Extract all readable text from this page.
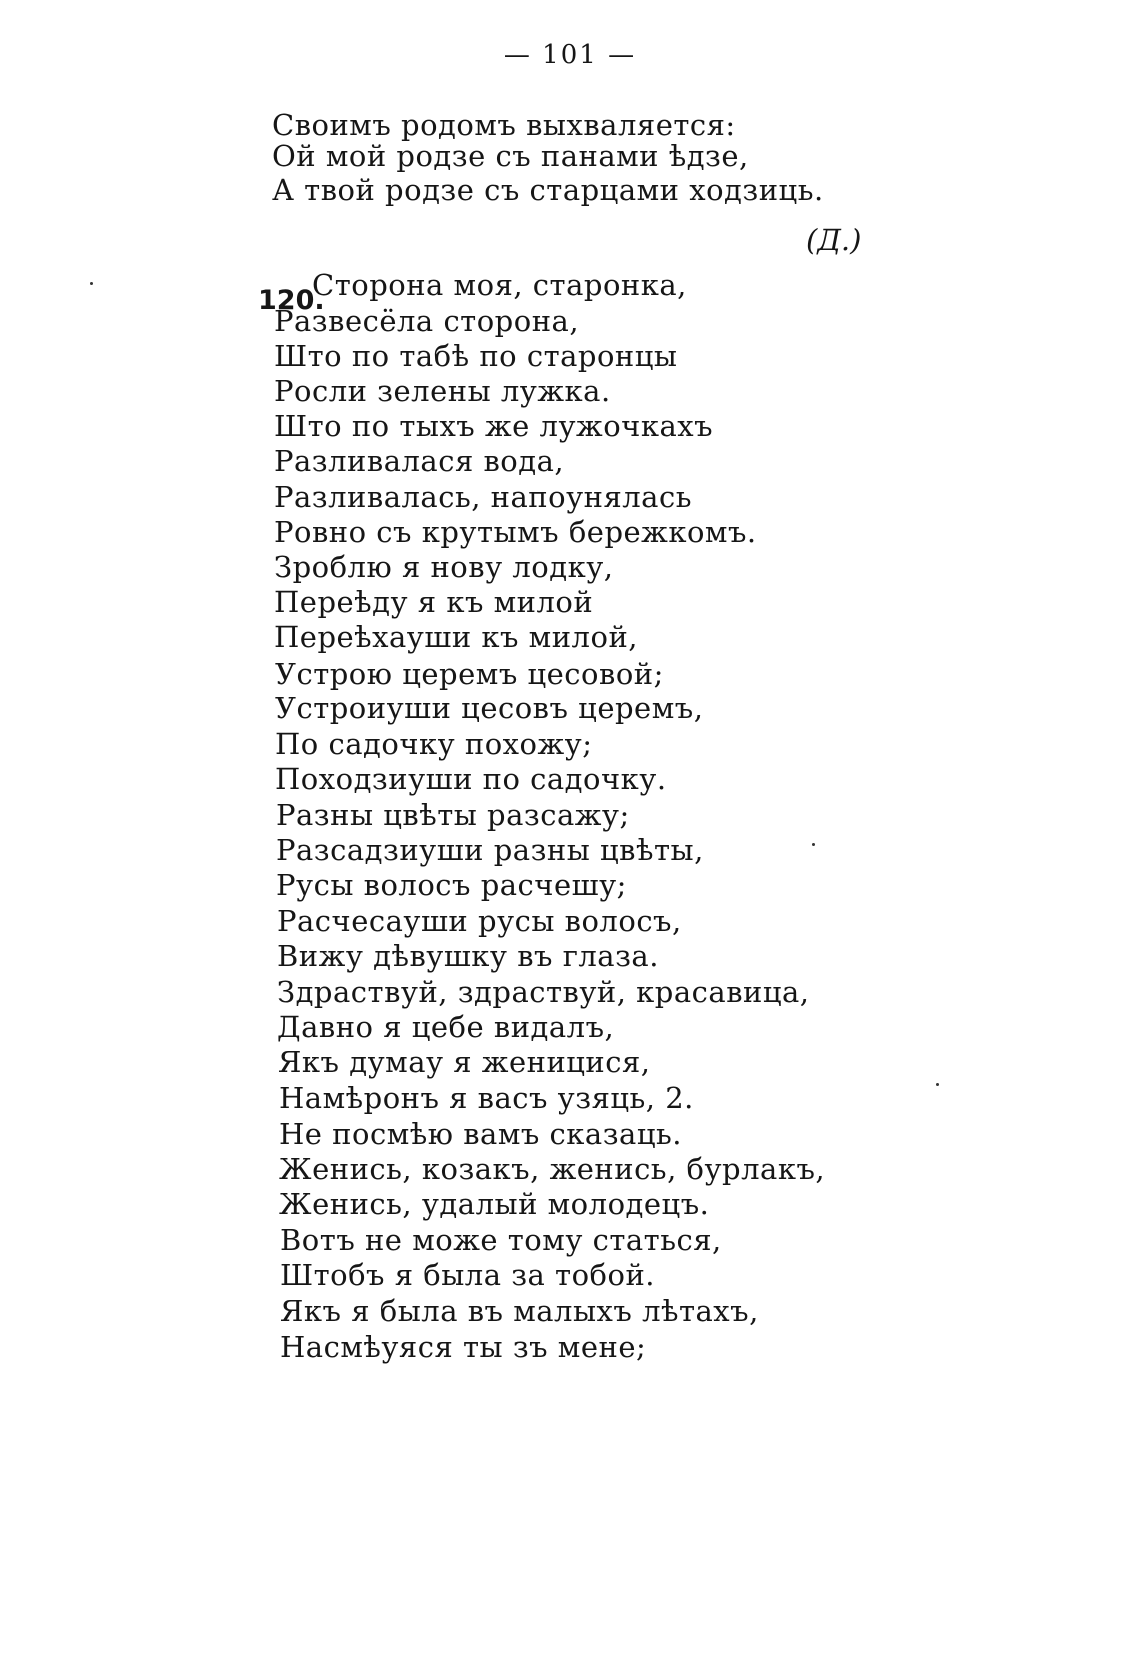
— 101 —
Своимъ родомъ выхваляется:
Ой мой родзе съ панами ѣдзе,
А твой родзе съ старцами ходзиць.
(Д.)
120.
Сторона моя, старонка,
Развесёла сторона,
Што по табѣ по старонцы
Росли зелены лужка.
Што по тыхъ же лужочкахъ
Разливалася вода,
Разливалась, напоунялась
Ровно съ крутымъ бережкомъ.
Зроблю я нову лодку,
Переѣду я къ милой
Переѣхауши къ милой,
Устрою церемъ цесовой;
Устроиуши цесовъ церемъ,
По садочку похожу;
Походзиуши по садочку.
Разны цвѣты разсажу;
Разсадзиуши разны цвѣты,
Русы волосъ расчешу;
Расчесауши русы волосъ,
Вижу дѣвушку въ глаза.
Здраствуй, здраствуй, красавица,
Давно я цебе видалъ,
Якъ думау я женицися,
Намѣронъ я васъ узяць, 2.
Не посмѣю вамъ сказаць.
Женись, козакъ, женись, бурлакъ,
Женись, удалый молодецъ.
Вотъ не може тому статься,
Штобъ я была за тобой.
Якъ я была въ малыхъ лѣтахъ,
Насмѣуяся ты зъ мене;
